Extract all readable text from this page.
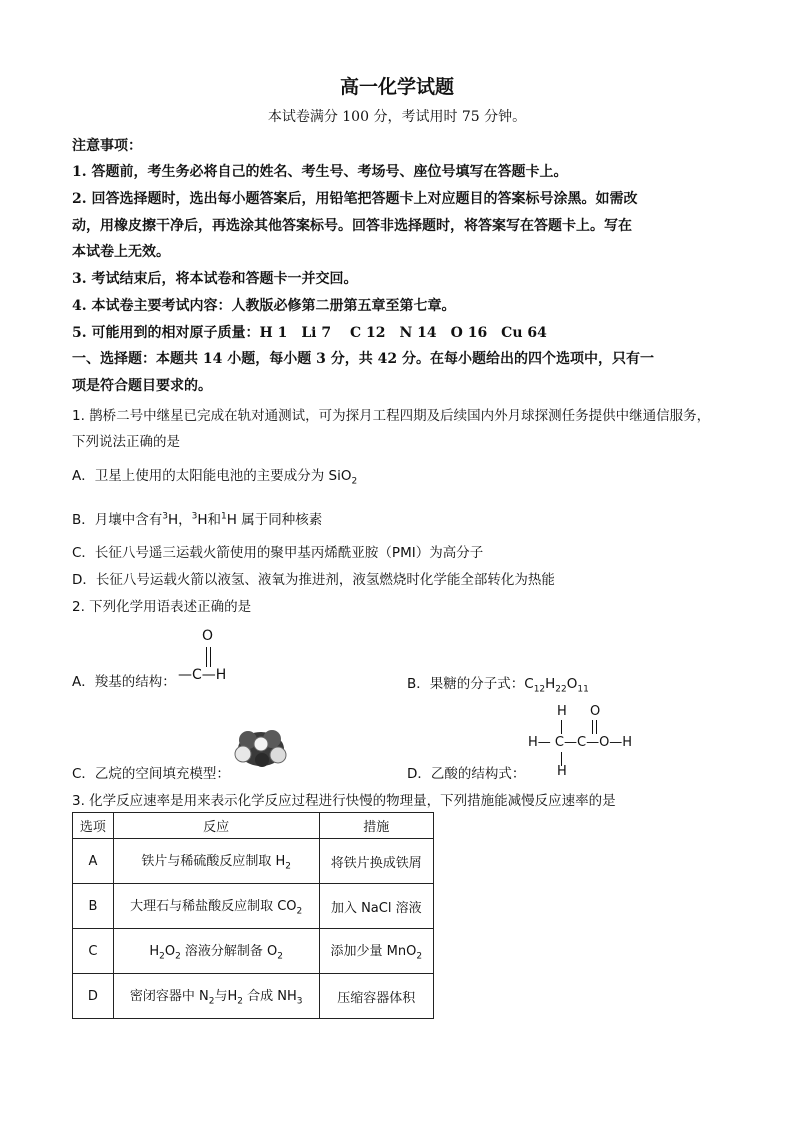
高一化学试题
本试卷满分 100 分，考试用时 75 分钟。
注意事项：
1. 答题前，考生务必将自己的姓名、考生号、考场号、座位号填写在答题卡上。
2. 回答选择题时，选出每小题答案后，用铅笔把答题卡上对应题目的答案标号涂黑。如需改
动，用橡皮擦干净后，再选涂其他答案标号。回答非选择题时，将答案写在答题卡上。写在
本试卷上无效。
3. 考试结束后，将本试卷和答题卡一并交回。
4. 本试卷主要考试内容：人教版必修第二册第五章至第七章。
5. 可能用到的相对原子质量：H 1　Li 7　 C 12　N 14　O 16　Cu 64
一、选择题：本题共 14 小题，每小题 3 分，共 42 分。在每小题给出的四个选项中，只有一
项是符合题目要求的。
1. 鹊桥二号中继星已完成在轨对通测试，可为探月工程四期及后续国内外月球探测任务提供中继通信服务，
下列说法正确的是
A．卫星上使用的太阳能电池的主要成分为 SiO$_2$
B．月壤中含有$^3$H，$^3$H和$^1$H 属于同种核素
C．长征八号遥三运载火箭使用的聚甲基丙烯酰亚胺（PMI）为高分子
D．长征八号运载火箭以液氢、液氧为推进剂，液氢燃烧时化学能全部转化为热能
2. 下列化学用语表述正确的是
A．羧基的结构：
O
—C—H
B．果糖的分子式：$C_{12}H_{22}O_{11}$
C．乙烷的空间填充模型：	D．乙酸的结构式：
H O
H— C—C—O—H
H
3. 化学反应速率是用来表示化学反应过程进行快慢的物理量，下列措施能减慢反应速率的是
选项	反应	措施
A	铁片与稀硫酸反应制取 $H_2$	将铁片换成铁屑
B	大理石与稀盐酸反应制取 $CO_2$	加入 NaCl 溶液
C	$H_2O_2$ 溶液分解制备 $O_2$	添加少量 MnO$_2$
D	密闭容器中 $N_2$与$H_2$ 合成 $NH_3$	压缩容器体积
